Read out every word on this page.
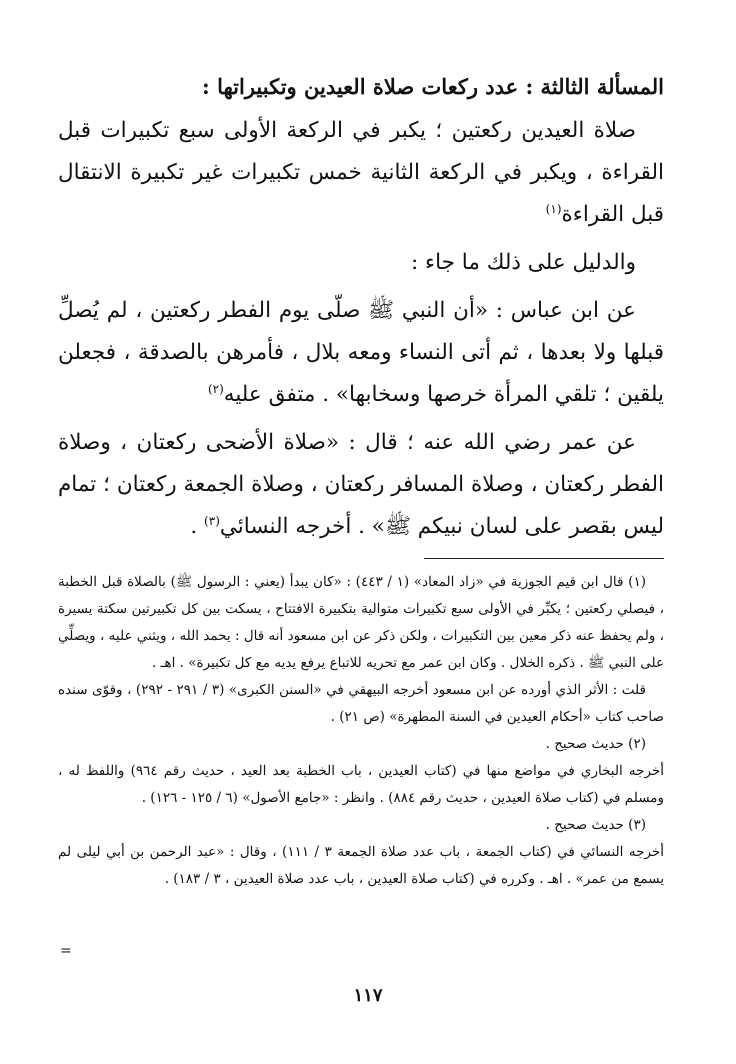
المسألة الثالثة : عدد ركعات صلاة العيدين وتكبيراتها :

صلاة العيدين ركعتين ؛ يكبر في الركعة الأولى سبع تكبيرات قبل القراءة ، ويكبر في الركعة الثانية خمس تكبيرات غير تكبيرة الانتقال قبل القراءة$^{(١)}$

والدليل على ذلك ما جاء :

عن ابن عباس : «أن النبي ﷺ صلّى يوم الفطر ركعتين ، لم يُصلِّ قبلها ولا بعدها ، ثم أتى النساء ومعه بلال ، فأمرهن بالصدقة ، فجعلن يلقين ؛ تلقي المرأة خرصها وسخابها» . متفق عليه$^{(٢)}$

عن عمر رضي الله عنه ؛ قال : «صلاة الأضحى ركعتان ، وصلاة الفطر ركعتان ، وصلاة المسافر ركعتان ، وصلاة الجمعة ركعتان ؛ تمام ليس بقصر على لسان نبيكم ﷺ» . أخرجه النسائي$^{(٣)}$ .

(١) قال ابن قيم الجوزية في «زاد المعاد» (١ / ٤٤٣) : «كان يبدأ (يعني : الرسول ﷺ) بالصلاة قبل الخطبة ، فيصلي ركعتين ؛ يكبِّر في الأولى سبع تكبيرات متوالية بتكبيرة الافتتاح ، يسكت بين كل تكبيرتين سكتة يسيرة ، ولم يحفظ عنه ذكر معين بين التكبيرات ، ولكن ذكر عن ابن مسعود أنه قال : يحمد الله ، ويثني عليه ، ويصلِّي على النبي ﷺ . ذكره الخلال . وكان ابن عمر مع تحريه للاتباع يرفع يديه مع كل تكبيرة» . اهـ .

قلت : الأثر الذي أورده عن ابن مسعود أخرجه البيهقي في «السنن الكبرى» (٣ / ٢٩١ - ٢٩٢) ، وقوّى سنده صاحب كتاب «أحكام العيدين في السنة المطهرة» (ص ٢١) .

(٢) حديث صحيح .

أخرجه البخاري في مواضع منها في (كتاب العيدين ، باب الخطبة بعد العيد ، حديث رقم ٩٦٤) واللفظ له ، ومسلم في (كتاب صلاة العيدين ، حديث رقم ٨٨٤) . وانظر : «جامع الأصول» (٦ / ١٢٥ - ١٢٦) .

(٣) حديث صحيح .

أخرجه النسائي في (كتاب الجمعة ، باب عدد صلاة الجمعة ٣ / ١١١) ، وقال : «عبد الرحمن بن أبي ليلى لم يسمع من عمر» . اهـ . وكرره في (كتاب صلاة العيدين ، باب عدد صلاة العيدين ، ٣ / ١٨٣) .

=
١١٧
